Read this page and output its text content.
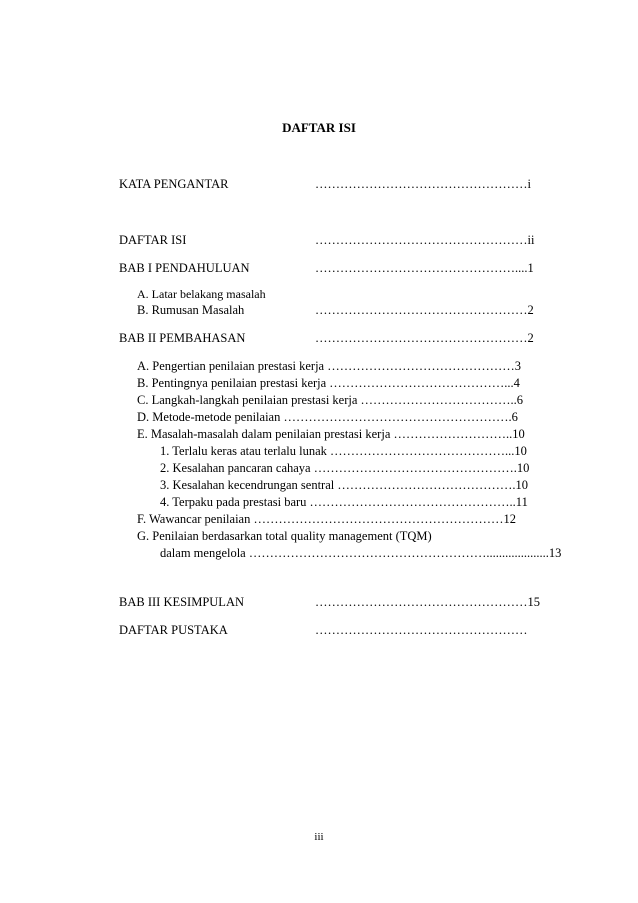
DAFTAR ISI
KATA PENGANTAR	……………………………………………i
DAFTAR ISI	……………………………………………ii
BAB I PENDAHULUAN	…………………………………………....1
A. Latar belakang masalah
B. Rumusan Masalah	……………………………………………2
BAB II PEMBAHASAN	……………………………………………2
A. Pengertian penilaian prestasi kerja ………………………………………3
B. Pentingnya penilaian prestasi kerja ……………………………………...4
C. Langkah-langkah penilaian prestasi kerja ………………………………..6
D. Metode-metode penilaian ……………………………………………….6
E. Masalah-masalah dalam penilaian prestasi kerja ………………………..10
1. Terlalu keras atau terlalu lunak ……………………………………...10
2. Kesalahan pancaran cahaya ………………………………………….10
3. Kesalahan kecendrungan sentral …………………………………….10
4. Terpaku pada prestasi baru …………………………………………..11
F. Wawancar penilaian ……………………………………………………12
G. Penilaian berdasarkan total quality management (TQM)
dalam mengelola …………………………………………………....................13
BAB III KESIMPULAN	……………………………………………15
DAFTAR PUSTAKA	……………………………………………
iii
